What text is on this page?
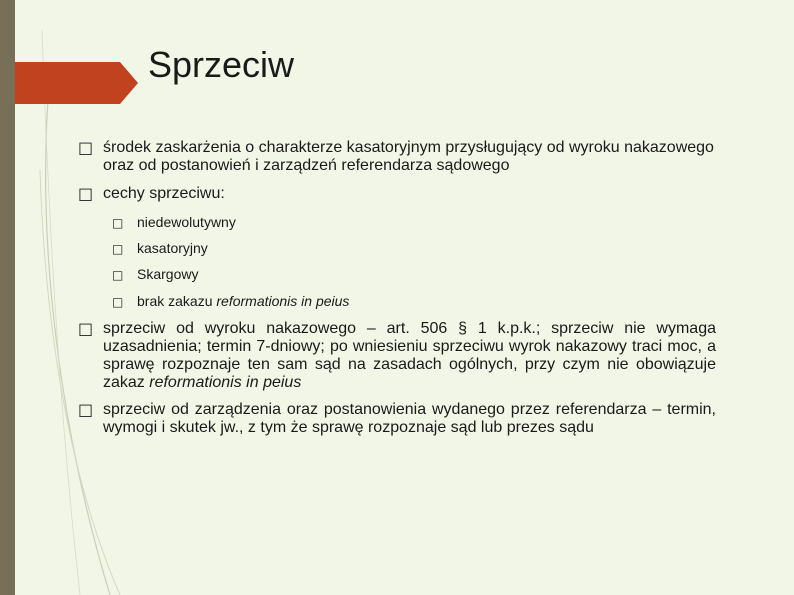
Sprzeciw
□ środek zaskarżenia o charakterze kasatoryjnym przysługujący od wyroku nakazowego oraz od postanowień i zarządzeń referendarza sądowego
□ cechy sprzeciwu:
□ niedewolutywny
□ kasatoryjny
□ Skargowy
□ brak zakazu reformationis in peius
□ sprzeciw od wyroku nakazowego – art. 506 § 1 k.p.k.; sprzeciw nie wymaga uzasadnienia; termin 7-dniowy; po wniesieniu sprzeciwu wyrok nakazowy traci moc, a sprawę rozpoznaje ten sam sąd na zasadach ogólnych, przy czym nie obowiązuje zakaz reformationis in peius
□ sprzeciw od zarządzenia oraz postanowienia wydanego przez referendarza – termin, wymogi i skutek jw., z tym że sprawę rozpoznaje sąd lub prezes sądu
